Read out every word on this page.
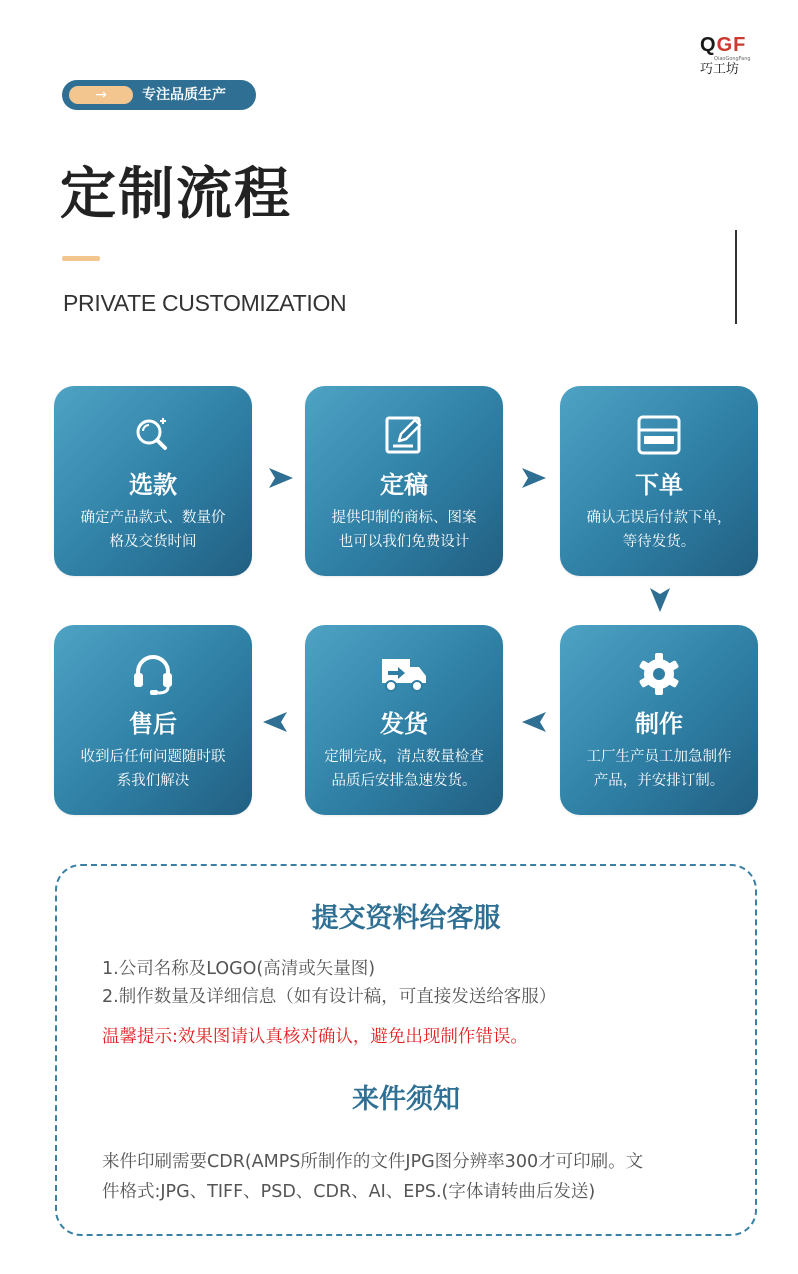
QGF
QiaoGongFang
巧工坊
→	专注品质生产
定制流程
PRIVATE CUSTOMIZATION
选款
确定产品款式、数量价
格及交货时间
定稿
提供印制的商标、图案
也可以我们免费设计
下单
确认无误后付款下单，
等待发货。
制作
工厂生产员工加急制作
产品，并安排订制。
发货
定制完成，清点数量检查
品质后安排急速发货。
售后
收到后任何问题随时联
系我们解决
提交资料给客服
1.公司名称及LOGO(高清或矢量图)
2.制作数量及详细信息（如有设计稿，可直接发送给客服）
温馨提示:效果图请认真核对确认，避免出现制作错误。
来件须知
来件印刷需要CDR(AMPS所制作的文件JPG图分辨率300才可印刷。文
件格式:JPG、TIFF、PSD、CDR、AI、EPS.(字体请转曲后发送)
